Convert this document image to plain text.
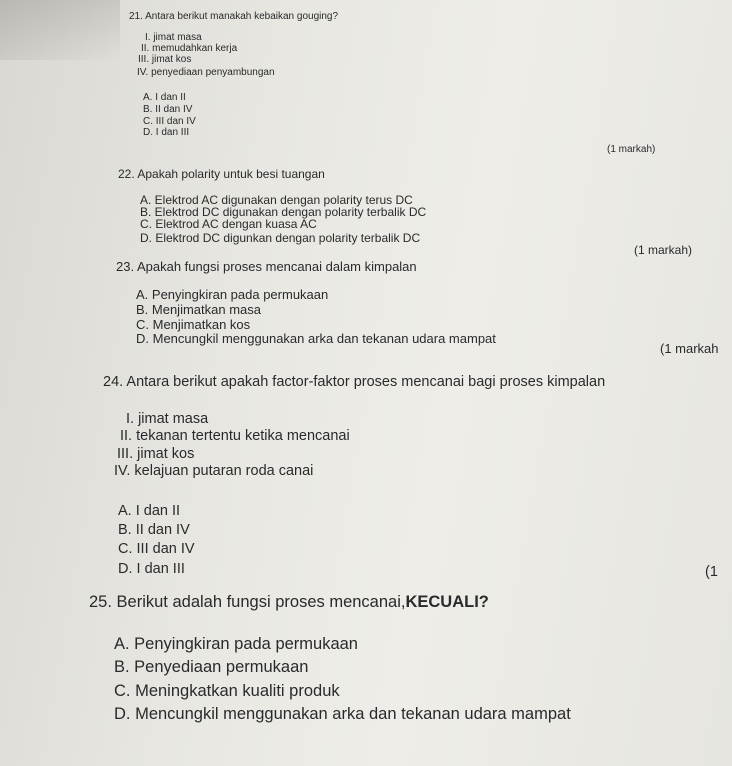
21. Antara berikut manakah kebaikan gouging?

I. jimat masa

II. memudahkan kerja

III. jimat kos

IV. penyediaan penyambungan

A. I dan II

B. II dan IV

C. III dan IV

D. I dan III

(1 markah)

22. Apakah polarity untuk besi tuangan

A. Elektrod AC digunakan dengan polarity terus DC

B. Elektrod DC digunakan dengan polarity terbalik DC

C. Elektrod AC dengan kuasa AC

D. Elektrod DC digunkan dengan polarity terbalik DC

(1 markah)

23. Apakah fungsi proses mencanai dalam kimpalan

A. Penyingkiran pada permukaan

B. Menjimatkan masa

C. Menjimatkan kos

D. Mencungkil menggunakan arka dan tekanan udara mampat

(1 markah

24. Antara berikut apakah factor-faktor proses mencanai bagi proses kimpalan

I. jimat masa

II. tekanan tertentu ketika mencanai

III. jimat kos

IV. kelajuan putaran roda canai

A. I dan II

B. II dan IV

C. III dan IV

D. I dan III	(1

25. Berikut adalah fungsi proses mencanai,KECUALI?

A. Penyingkiran pada permukaan

B. Penyediaan permukaan

C. Meningkatkan kualiti produk

D. Mencungkil menggunakan arka dan tekanan udara mampat
